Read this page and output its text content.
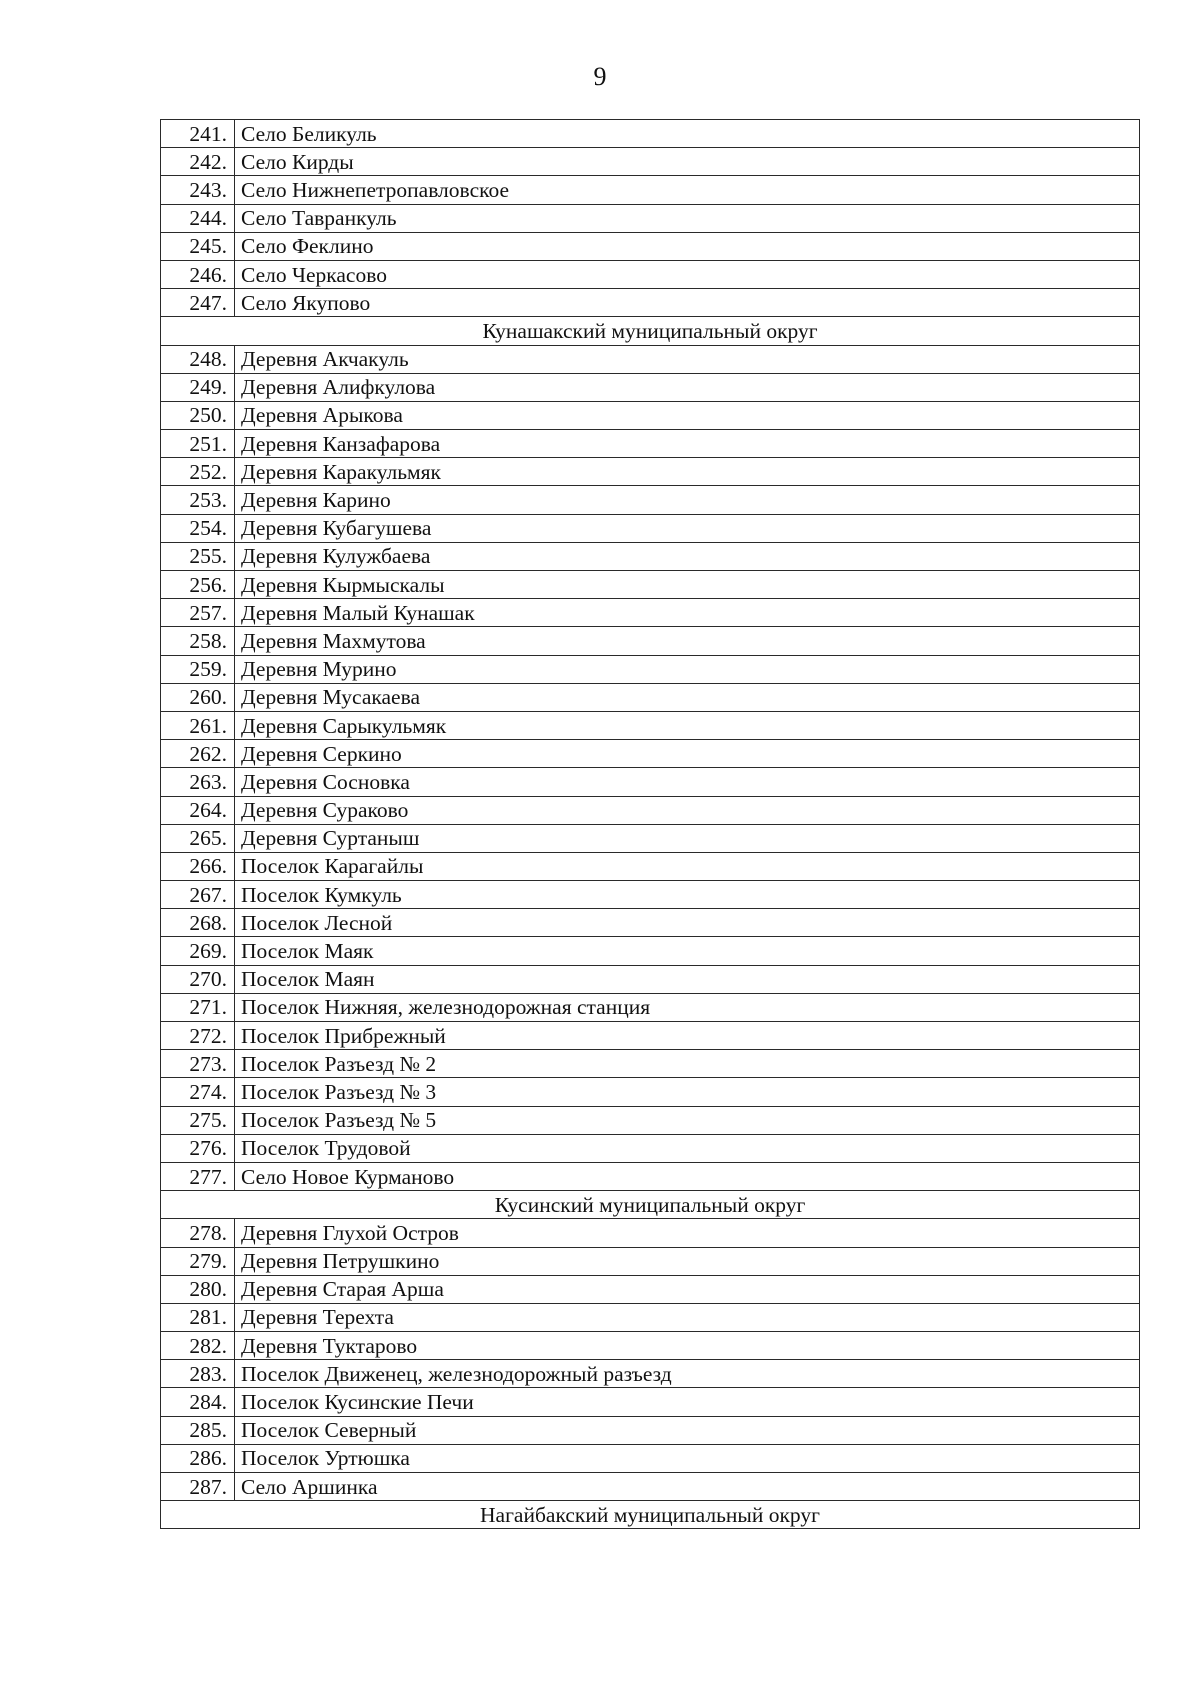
9
241.	Село Беликуль
242.	Село Кирды
243.	Село Нижнепетропавловское
244.	Село Тавранкуль
245.	Село Феклино
246.	Село Черкасово
247.	Село Якупово
Кунашакский муниципальный округ	
248.	Деревня Акчакуль
249.	Деревня Алифкулова
250.	Деревня Арыкова
251.	Деревня Канзафарова
252.	Деревня Каракульмяк
253.	Деревня Карино
254.	Деревня Кубагушева
255.	Деревня Кулужбаева
256.	Деревня Кырмыскалы
257.	Деревня Малый Кунашак
258.	Деревня Махмутова
259.	Деревня Мурино
260.	Деревня Мусакаева
261.	Деревня Сарыкульмяк
262.	Деревня Серкино
263.	Деревня Сосновка
264.	Деревня Сураково
265.	Деревня Суртаныш
266.	Поселок Карагайлы
267.	Поселок Кумкуль
268.	Поселок Лесной
269.	Поселок Маяк
270.	Поселок Маян
271.	Поселок Нижняя, железнодорожная станция
272.	Поселок Прибрежный
273.	Поселок Разъезд № 2
274.	Поселок Разъезд № 3
275.	Поселок Разъезд № 5
276.	Поселок Трудовой
277.	Село Новое Курманово
Кусинский муниципальный округ	
278.	Деревня Глухой Остров
279.	Деревня Петрушкино
280.	Деревня Старая Арша
281.	Деревня Терехта
282.	Деревня Туктарово
283.	Поселок Движенец, железнодорожный разъезд
284.	Поселок Кусинские Печи
285.	Поселок Северный
286.	Поселок Уртюшка
287.	Село Аршинка
Нагайбакский муниципальный округ	
